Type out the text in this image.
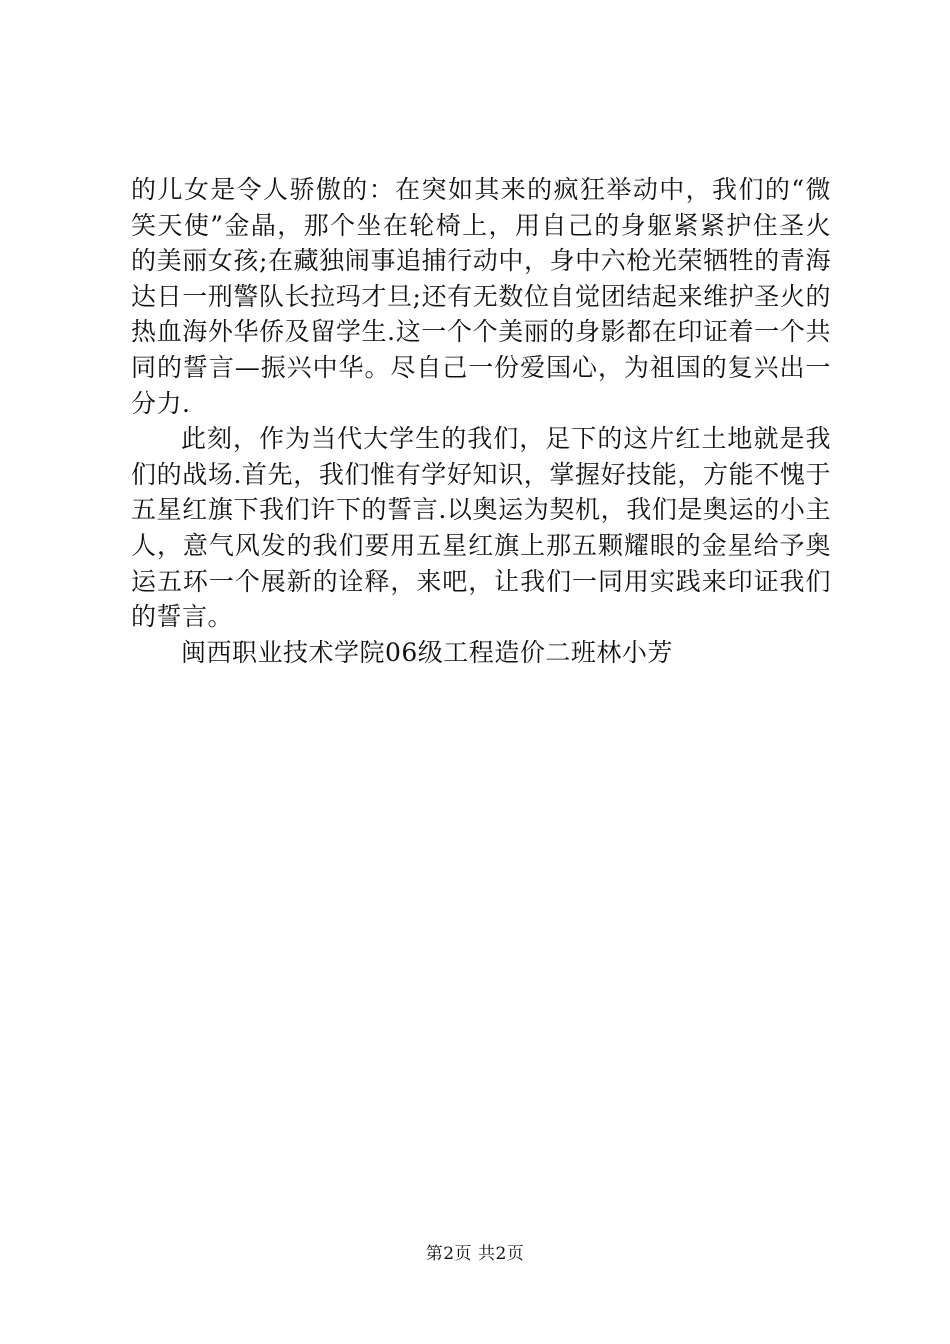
的儿女是令人骄傲的：在突如其来的疯狂举动中，我们的“微笑天使”金晶，那个坐在轮椅上，用自己的身躯紧紧护住圣火的美丽女孩;在藏独闹事追捕行动中，身中六枪光荣牺牲的青海达日一刑警队长拉玛才旦;还有无数位自觉团结起来维护圣火的热血海外华侨及留学生.这一个个美丽的身影都在印证着一个共同的誓言—振兴中华。尽自己一份爱国心，为祖国的复兴出一分力.

此刻，作为当代大学生的我们，足下的这片红土地就是我们的战场.首先，我们惟有学好知识，掌握好技能，方能不愧于五星红旗下我们许下的誓言.以奥运为契机，我们是奥运的小主人，意气风发的我们要用五星红旗上那五颗耀眼的金星给予奥运五环一个展新的诠释，来吧，让我们一同用实践来印证我们的誓言。

闽西职业技术学院06级工程造价二班林小芳

第2页 共2页
